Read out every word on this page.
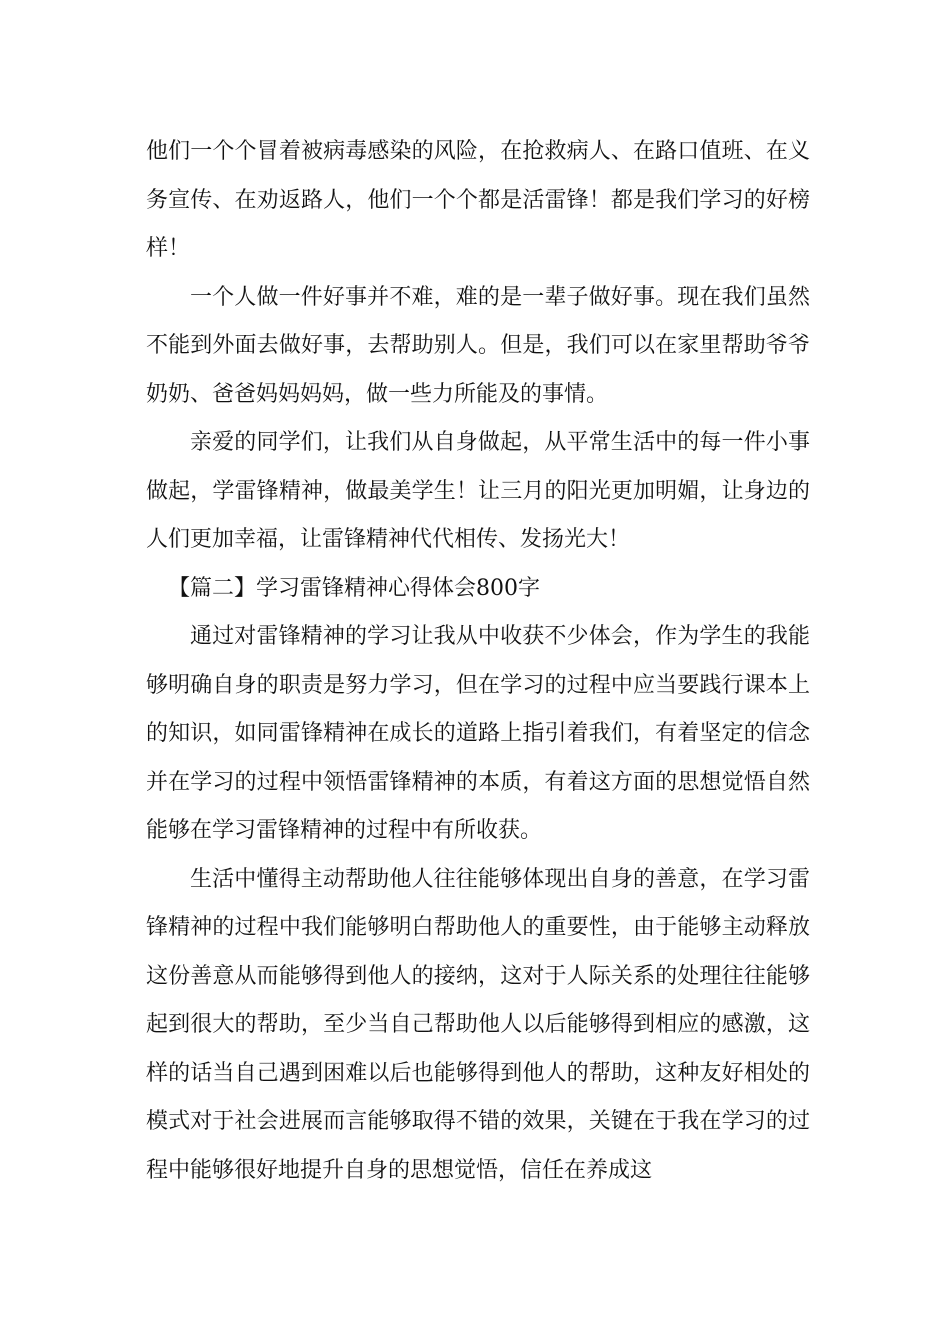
他们一个个冒着被病毒感染的风险，在抢救病人、在路口值班、在义务宣传、在劝返路人，他们一个个都是活雷锋！都是我们学习的好榜样！

一个人做一件好事并不难，难的是一辈子做好事。现在我们虽然不能到外面去做好事，去帮助别人。但是，我们可以在家里帮助爷爷奶奶、爸爸妈妈妈妈，做一些力所能及的事情。

亲爱的同学们，让我们从自身做起，从平常生活中的每一件小事做起，学雷锋精神，做最美学生！让三月的阳光更加明媚，让身边的人们更加幸福，让雷锋精神代代相传、发扬光大！

【篇二】学习雷锋精神心得体会800字

通过对雷锋精神的学习让我从中收获不少体会，作为学生的我能够明确自身的职责是努力学习，但在学习的过程中应当要践行课本上的知识，如同雷锋精神在成长的道路上指引着我们，有着坚定的信念并在学习的过程中领悟雷锋精神的本质，有着这方面的思想觉悟自然能够在学习雷锋精神的过程中有所收获。

生活中懂得主动帮助他人往往能够体现出自身的善意，在学习雷锋精神的过程中我们能够明白帮助他人的重要性，由于能够主动释放这份善意从而能够得到他人的接纳，这对于人际关系的处理往往能够起到很大的帮助，至少当自己帮助他人以后能够得到相应的感激，这样的话当自己遇到困难以后也能够得到他人的帮助，这种友好相处的模式对于社会进展而言能够取得不错的效果，关键在于我在学习的过程中能够很好地提升自身的思想觉悟，信任在养成这
